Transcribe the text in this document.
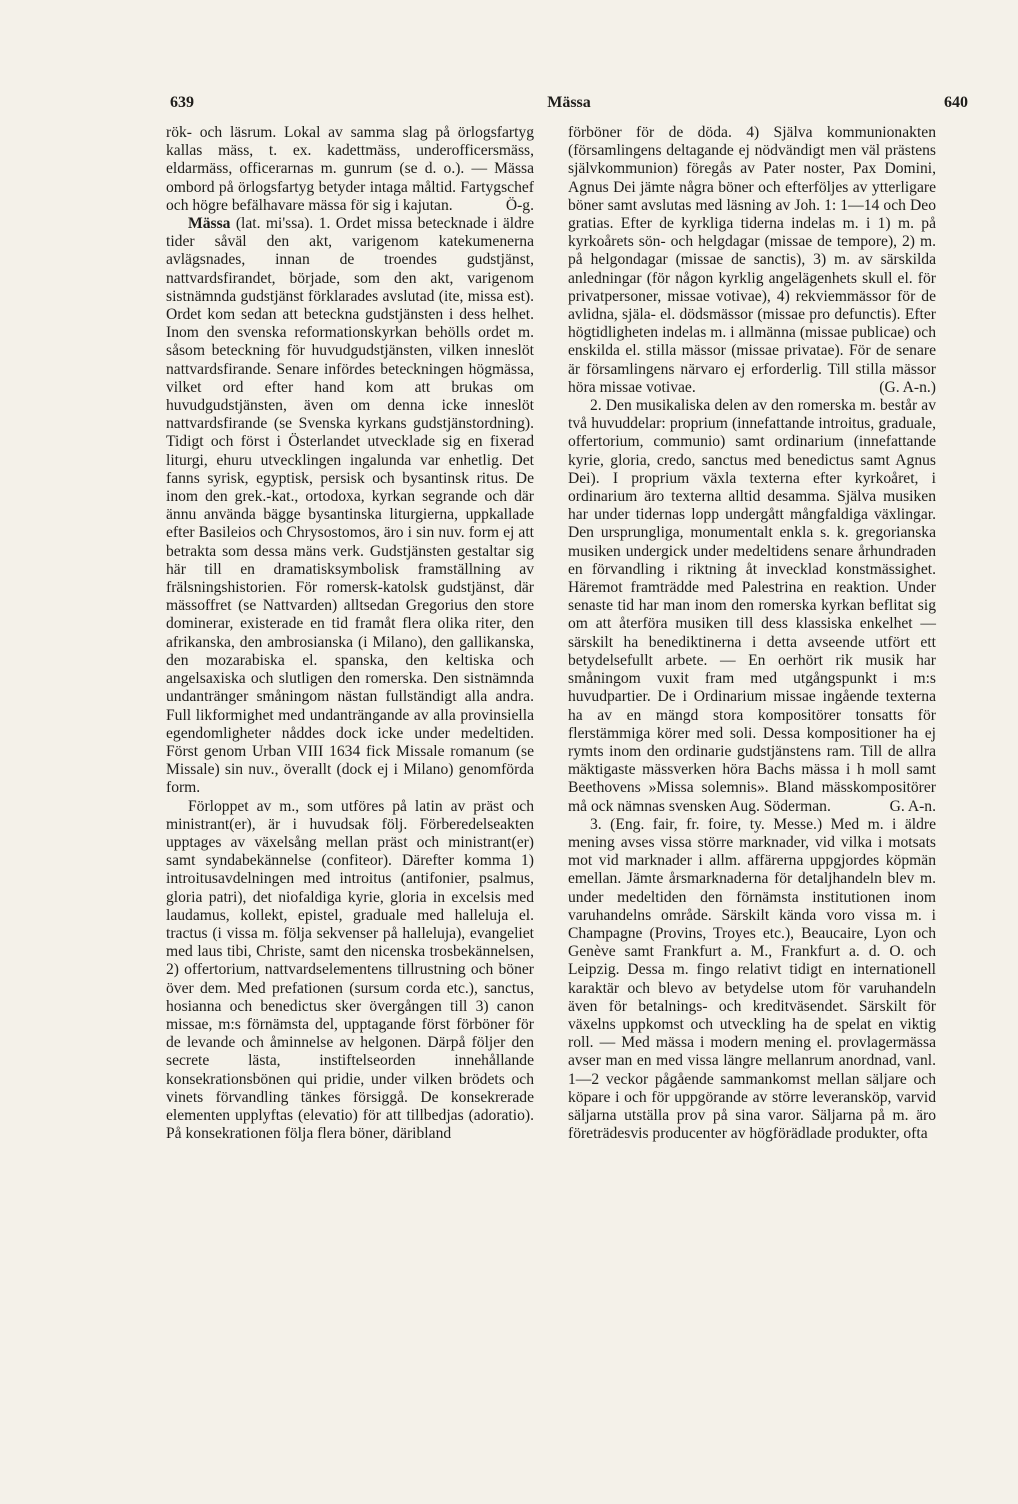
639	Mässa	640

rök- och läsrum. Lokal av samma slag på örlogsfartyg kallas mäss, t. ex. kadettmäss, underofficersmäss, eldarmäss, officerarnas m. gunrum (se d. o.). — Mässa ombord på örlogsfartyg betyder intaga måltid. Fartygschef och högre befälhavare mässa för sig i kajutan.	Ö-g.

Mässa (lat. mi'ssa). 1. Ordet missa betecknade i äldre tider såväl den akt, varigenom katekumenerna avlägsnades, innan de troendes gudstjänst, nattvardsfirandet, började, som den akt, varigenom sistnämnda gudstjänst förklarades avslutad (ite, missa est). Ordet kom sedan att beteckna gudstjänsten i dess helhet. Inom den svenska reformationskyrkan behölls ordet m. såsom beteckning för huvudgudstjänsten, vilken inneslöt nattvardsfirande. Senare infördes beteckningen högmässa, vilket ord efter hand kom att brukas om huvudgudstjänsten, även om denna icke inneslöt nattvardsfirande (se Svenska kyrkans gudstjänstordning). Tidigt och först i Österlandet utvecklade sig en fixerad liturgi, ehuru utvecklingen ingalunda var enhetlig. Det fanns syrisk, egyptisk, persisk och bysantinsk ritus. De inom den grek.-kat., ortodoxa, kyrkan segrande och där ännu använda bägge bysantinska liturgierna, uppkallade efter Basileios och Chrysostomos, äro i sin nuv. form ej att betrakta som dessa mäns verk. Gudstjänsten gestaltar sig här till en dramatisksymbolisk framställning av frälsningshistorien. För romersk-katolsk gudstjänst, där mässoffret (se Nattvarden) alltsedan Gregorius den store dominerar, existerade en tid framåt flera olika riter, den afrikanska, den ambrosianska (i Milano), den gallikanska, den mozarabiska el. spanska, den keltiska och angelsaxiska och slutligen den romerska. Den sistnämnda undantränger småningom nästan fullständigt alla andra. Full likformighet med undanträngande av alla provinsiella egendomligheter nåddes dock icke under medeltiden. Först genom Urban VIII 1634 fick Missale romanum (se Missale) sin nuv., överallt (dock ej i Milano) genomförda form.

Förloppet av m., som utföres på latin av präst och ministrant(er), är i huvudsak följ. Förberedelseakten upptages av växelsång mellan präst och ministrant(er) samt syndabekännelse (confiteor). Därefter komma 1) introitusavdelningen med introitus (antifonier, psalmus, gloria patri), det niofaldiga kyrie, gloria in excelsis med laudamus, kollekt, epistel, graduale med halleluja el. tractus (i vissa m. följa sekvenser på halleluja), evangeliet med laus tibi, Christe, samt den nicenska trosbekännelsen, 2) offertorium, nattvardselementens tillrustning och böner över dem. Med prefationen (sursum corda etc.), sanctus, hosianna och benedictus sker övergången till 3) canon missae, m:s förnämsta del, upptagande först förböner för de levande och åminnelse av helgonen. Därpå följer den secrete lästa, instiftelseorden innehållande konsekrationsbönen qui pridie, under vilken brödets och vinets förvandling tänkes försiggå. De konsekrerade elementen upplyftas (elevatio) för att tillbedjas (adoratio). På konsekrationen följa flera böner, däribland

förböner för de döda. 4) Själva kommunionakten (församlingens deltagande ej nödvändigt men väl prästens självkommunion) föregås av Pater noster, Pax Domini, Agnus Dei jämte några böner och efterföljes av ytterligare böner samt avslutas med läsning av Joh. 1: 1—14 och Deo gratias. Efter de kyrkliga tiderna indelas m. i 1) m. på kyrkoårets sön- och helgdagar (missae de tempore), 2) m. på helgondagar (missae de sanctis), 3) m. av särskilda anledningar (för någon kyrklig angelägenhets skull el. för privatpersoner, missae votivae), 4) rekviemmässor för de avlidna, själa- el. dödsmässor (missae pro defunctis). Efter högtidligheten indelas m. i allmänna (missae publicae) och enskilda el. stilla mässor (missae privatae). För de senare är församlingens närvaro ej erforderlig. Till stilla mässor höra missae votivae.	(G. A-n.)

2. Den musikaliska delen av den romerska m. består av två huvuddelar: proprium (innefattande introitus, graduale, offertorium, communio) samt ordinarium (innefattande kyrie, gloria, credo, sanctus med benedictus samt Agnus Dei). I proprium växla texterna efter kyrkoåret, i ordinarium äro texterna alltid desamma. Själva musiken har under tidernas lopp undergått mångfaldiga växlingar. Den ursprungliga, monumentalt enkla s. k. gregorianska musiken undergick under medeltidens senare århundraden en förvandling i riktning åt invecklad konstmässighet. Häremot framträdde med Palestrina en reaktion. Under senaste tid har man inom den romerska kyrkan beflitat sig om att återföra musiken till dess klassiska enkelhet — särskilt ha benediktinerna i detta avseende utfört ett betydelsefullt arbete. — En oerhört rik musik har småningom vuxit fram med utgångspunkt i m:s huvudpartier. De i Ordinarium missae ingående texterna ha av en mängd stora kompositörer tonsatts för flerstämmiga körer med soli. Dessa kompositioner ha ej rymts inom den ordinarie gudstjänstens ram. Till de allra mäktigaste mässverken höra Bachs mässa i h moll samt Beethovens »Missa solemnis». Bland mässkompositörer må ock nämnas svensken Aug. Söderman.	G. A-n.

3. (Eng. fair, fr. foire, ty. Messe.) Med m. i äldre mening avses vissa större marknader, vid vilka i motsats mot vid marknader i allm. affärerna uppgjordes köpmän emellan. Jämte årsmarknaderna för detaljhandeln blev m. under medeltiden den förnämsta institutionen inom varuhandelns område. Särskilt kända voro vissa m. i Champagne (Provins, Troyes etc.), Beaucaire, Lyon och Genève samt Frankfurt a. M., Frankfurt a. d. O. och Leipzig. Dessa m. fingo relativt tidigt en internationell karaktär och blevo av betydelse utom för varuhandeln även för betalnings- och kreditväsendet. Särskilt för växelns uppkomst och utveckling ha de spelat en viktig roll. — Med mässa i modern mening el. provlagermässa avser man en med vissa längre mellanrum anordnad, vanl. 1—2 veckor pågående sammankomst mellan säljare och köpare i och för uppgörande av större leveransköp, varvid säljarna utställa prov på sina varor. Säljarna på m. äro företrädesvis producenter av högförädlade produkter, ofta
